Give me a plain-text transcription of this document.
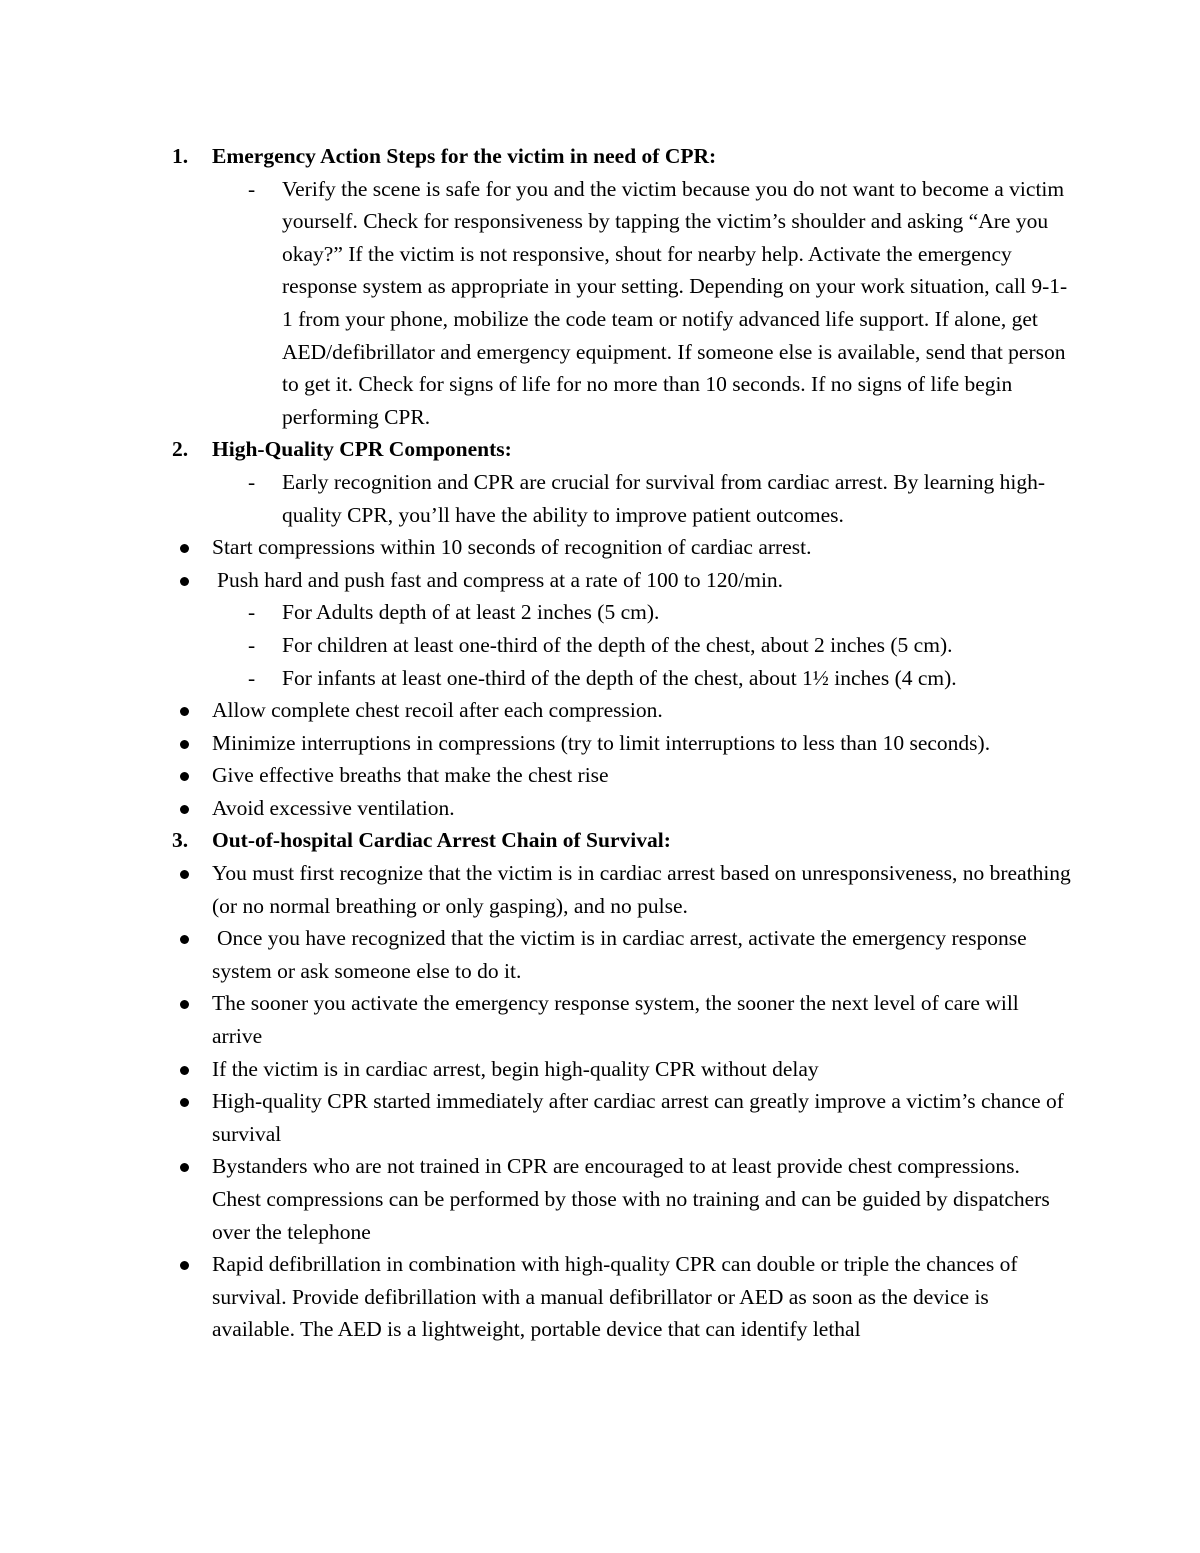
1.	Emergency Action Steps for the victim in need of CPR:
- Verify the scene is safe for you and the victim because you do not want to become a victim yourself. Check for responsiveness by tapping the victim’s shoulder and asking “Are you okay?” If the victim is not responsive, shout for nearby help. Activate the emergency response system as appropriate in your setting. Depending on your work situation, call 9-1-1 from your phone, mobilize the code team or notify advanced life support. If alone, get AED/defibrillator and emergency equipment. If someone else is available, send that person to get it. Check for signs of life for no more than 10 seconds. If no signs of life begin performing CPR.
2.	High-Quality CPR Components:
- Early recognition and CPR are crucial for survival from cardiac arrest. By learning high-quality CPR, you’ll have the ability to improve patient outcomes.
Start compressions within 10 seconds of recognition of cardiac arrest.
Push hard and push fast and compress at a rate of 100 to 120/min.
- For Adults depth of at least 2 inches (5 cm).
- For children at least one-third of the depth of the chest, about 2 inches (5 cm).
- For infants at least one-third of the depth of the chest, about 1½ inches (4 cm).
Allow complete chest recoil after each compression.
Minimize interruptions in compressions (try to limit interruptions to less than 10 seconds).
Give effective breaths that make the chest rise
Avoid excessive ventilation.
3.	Out-of-hospital Cardiac Arrest Chain of Survival:
You must first recognize that the victim is in cardiac arrest based on unresponsiveness, no breathing (or no normal breathing or only gasping), and no pulse.
Once you have recognized that the victim is in cardiac arrest, activate the emergency response system or ask someone else to do it.
The sooner you activate the emergency response system, the sooner the next level of care will arrive
If the victim is in cardiac arrest, begin high-quality CPR without delay
High-quality CPR started immediately after cardiac arrest can greatly improve a victim’s chance of survival
Bystanders who are not trained in CPR are encouraged to at least provide chest compressions. Chest compressions can be performed by those with no training and can be guided by dispatchers over the telephone
Rapid defibrillation in combination with high-quality CPR can double or triple the chances of survival. Provide defibrillation with a manual defibrillator or AED as soon as the device is available. The AED is a lightweight, portable device that can identify lethal
